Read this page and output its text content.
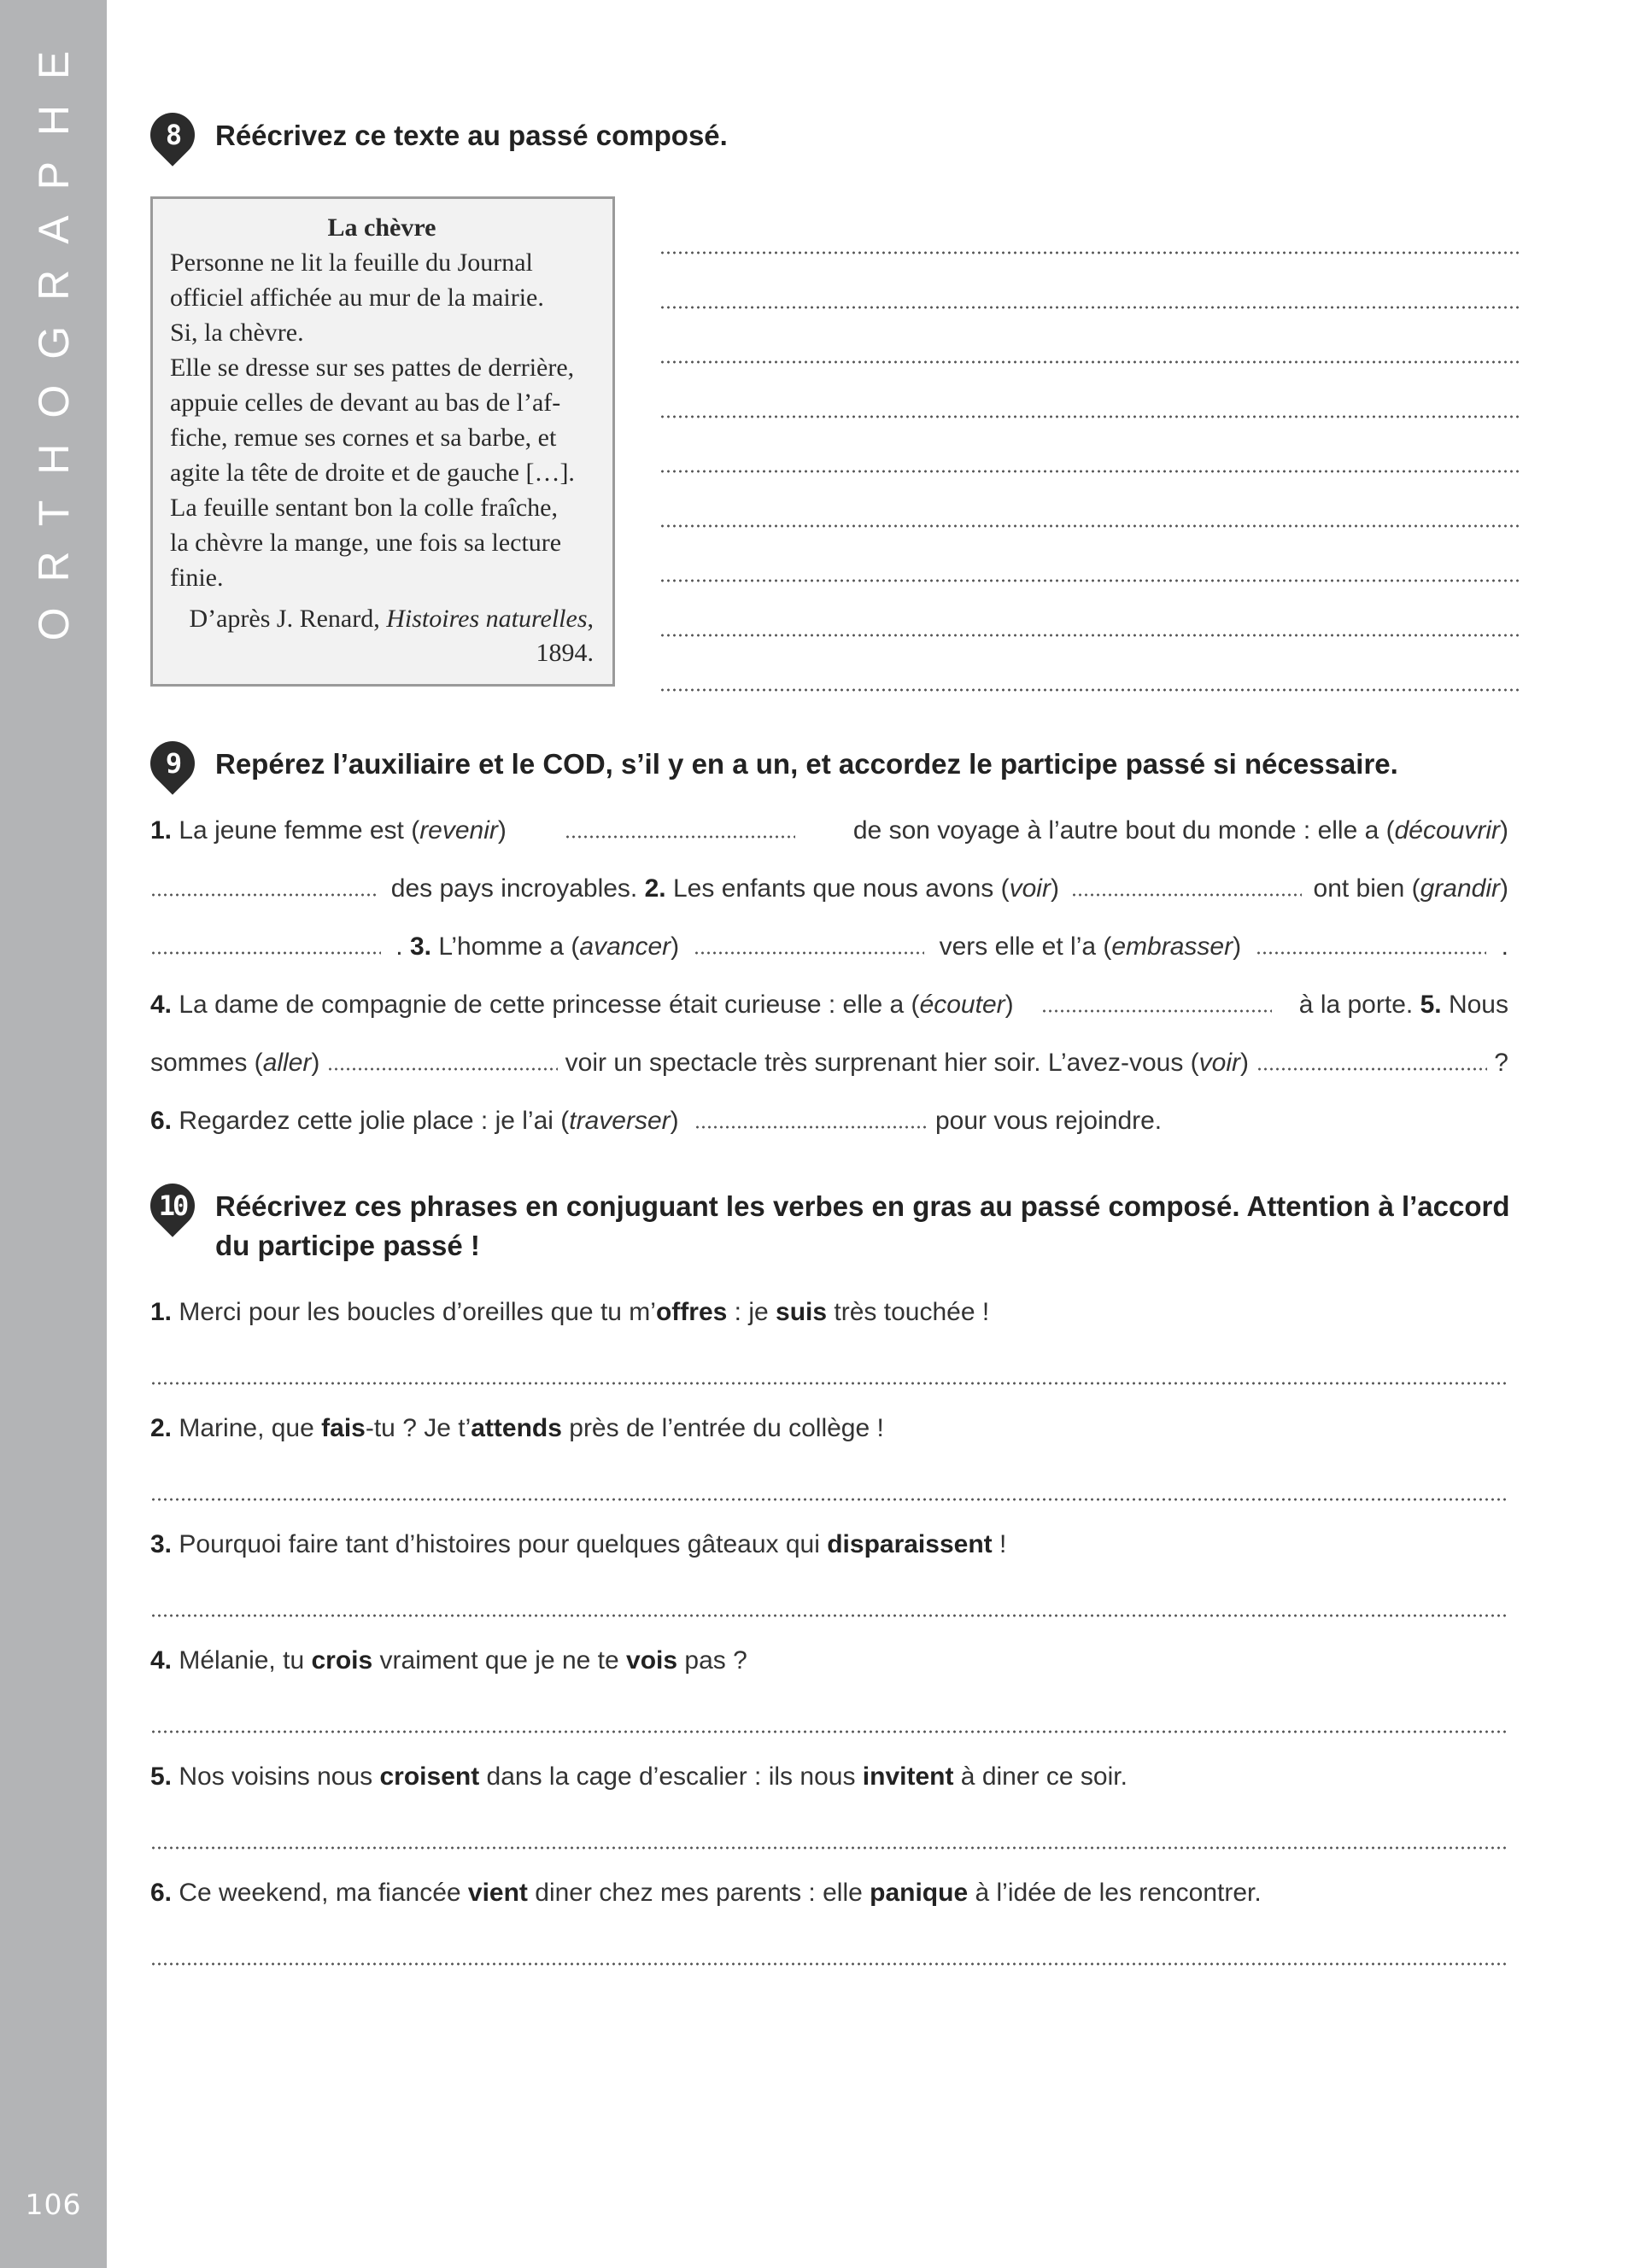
ORTHOGRAPHE
106
8	Réécrivez ce texte au passé composé.
La chèvre
Personne ne lit la feuille du Journal
officiel affichée au mur de la mairie.
Si, la chèvre.
Elle se dresse sur ses pattes de derrière,
appuie celles de devant au bas de l’af-
fiche, remue ses cornes et sa barbe, et
agite la tête de droite et de gauche […].
La feuille sentant bon la colle fraîche,
la chèvre la mange, une fois sa lecture
finie.
D’après J. Renard, Histoires naturelles,
1894.
9	Repérez l’auxiliaire et le COD, s’il y en a un, et accordez le participe passé si nécessaire.
1. La jeune femme est (revenir)	de son voyage à l’autre bout du monde : elle a (découvrir)
des pays incroyables. 2. Les enfants que nous avons (voir)	ont bien (grandir)
. 3. L’homme a (avancer)	vers elle et l’a (embrasser)	.
4. La dame de compagnie de cette princesse était curieuse : elle a (écouter)	à la porte. 5. Nous
sommes (aller)	voir un spectacle très surprenant hier soir. L’avez-vous (voir)	?
6. Regardez cette jolie place : je l’ai (traverser)	pour vous rejoindre.
10 Réécrivez ces phrases en conjuguant les verbes en gras au passé composé. Attention à l’accord
du participe passé !
1. Merci pour les boucles d’oreilles que tu m’offres : je suis très touchée !
2. Marine, que fais-tu ? Je t’attends près de l’entrée du collège !
3. Pourquoi faire tant d’histoires pour quelques gâteaux qui disparaissent !
4. Mélanie, tu crois vraiment que je ne te vois pas ?
5. Nos voisins nous croisent dans la cage d’escalier : ils nous invitent à diner ce soir.
6. Ce weekend, ma fiancée vient diner chez mes parents : elle panique à l’idée de les rencontrer.
